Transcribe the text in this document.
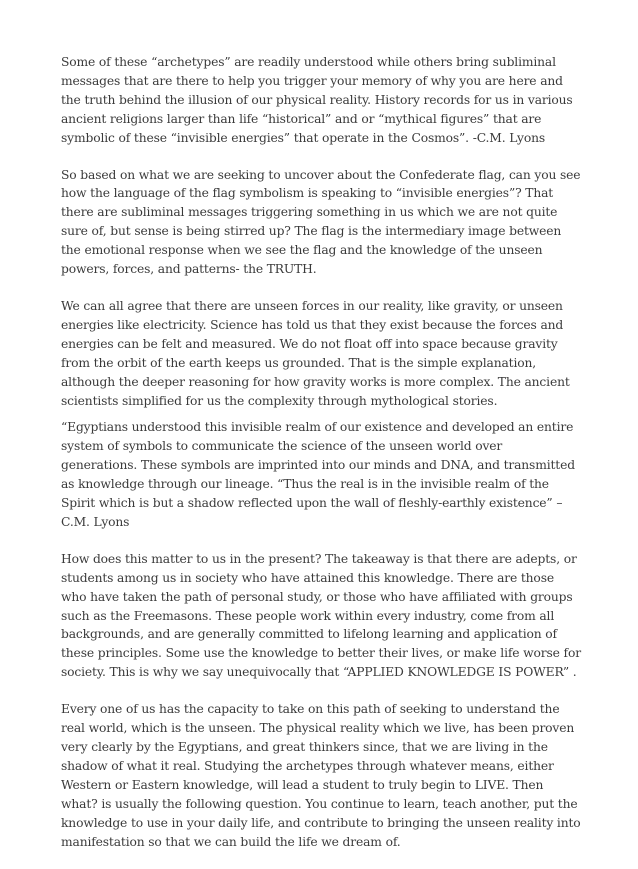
Some of these “archetypes” are readily understood while others bring subliminal messages that are there to help you trigger your memory of why you are here and the truth behind the illusion of our physical reality. History records for us in various ancient religions larger than life “historical” and or “mythical figures” that are symbolic of these “invisible energies” that operate in the Cosmos”. -C.M. Lyons

So based on what we are seeking to uncover about the Confederate flag, can you see how the language of the flag symbolism is speaking to “invisible energies”? That there are subliminal messages triggering something in us which we are not quite sure of, but sense is being stirred up? The flag is the intermediary image between the emotional response when we see the flag and the knowledge of the unseen powers, forces, and patterns- the TRUTH.

We can all agree that there are unseen forces in our reality, like gravity, or unseen energies like electricity. Science has told us that they exist because the forces and energies can be felt and measured. We do not float off into space because gravity from the orbit of the earth keeps us grounded. That is the simple explanation, although the deeper reasoning for how gravity works is more complex. The ancient scientists simplified for us the complexity through mythological stories.

“Egyptians understood this invisible realm of our existence and developed an entire system of symbols to communicate the science of the unseen world over generations. These symbols are imprinted into our minds and DNA, and transmitted as knowledge through our lineage. “Thus the real is in the invisible realm of the Spirit which is but a shadow reflected upon the wall of fleshly-earthly existence” – C.M. Lyons

How does this matter to us in the present? The takeaway is that there are adepts, or students among us in society who have attained this knowledge. There are those who have taken the path of personal study, or those who have affiliated with groups such as the Freemasons. These people work within every industry, come from all backgrounds, and are generally committed to lifelong learning and application of these principles. Some use the knowledge to better their lives, or make life worse for society. This is why we say unequivocally that “APPLIED KNOWLEDGE IS POWER” .

Every one of us has the capacity to take on this path of seeking to understand the real world, which is the unseen. The physical reality which we live, has been proven very clearly by the Egyptians, and great thinkers since, that we are living in the shadow of what it real. Studying the archetypes through whatever means, either Western or Eastern knowledge, will lead a student to truly begin to LIVE. Then what? is usually the following question. You continue to learn, teach another, put the knowledge to use in your daily life, and contribute to bringing the unseen reality into manifestation so that we can build the life we dream of.
